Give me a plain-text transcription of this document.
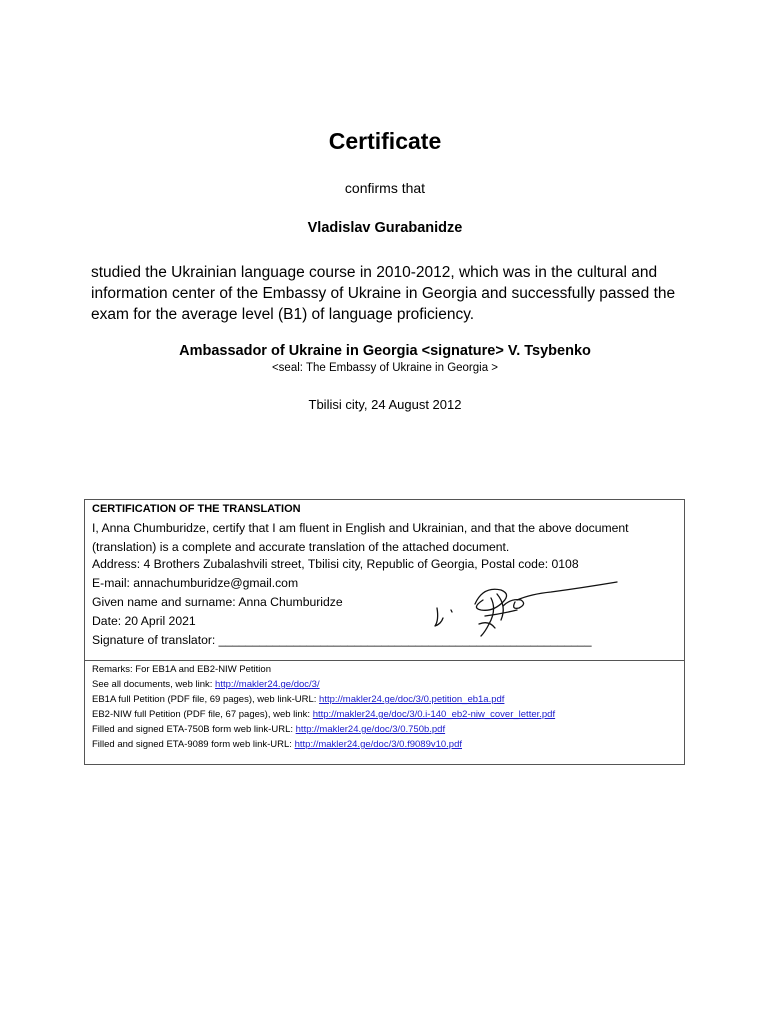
Certificate
confirms that
Vladislav Gurabanidze
studied the Ukrainian language course in 2010-2012, which was in the cultural and information center of the Embassy of Ukraine in Georgia and successfully passed the exam for the average level (B1) of language proficiency.
Ambassador of Ukraine in Georgia <signature> V. Tsybenko
<seal: The Embassy of Ukraine in Georgia >
Tbilisi city, 24 August 2012
CERTIFICATION OF THE TRANSLATION
I, Anna Chumburidze, certify that I am fluent in English and Ukrainian, and that the above document (translation) is a complete and accurate translation of the attached document.
Address: 4 Brothers Zubalashvili street, Tbilisi city, Republic of Georgia, Postal code: 0108
E-mail: annachumburidze@gmail.com
Given name and surname: Anna Chumburidze
Date: 20 April 2021
Signature of translator: _______________________________________________________
Remarks: For EB1A and EB2-NIW Petition
See all documents, web link: http://makler24.ge/doc/3/
EB1A full Petition (PDF file, 69 pages), web link-URL: http://makler24.ge/doc/3/0.petition_eb1a.pdf
EB2-NIW full Petition (PDF file, 67 pages), web link: http://makler24.ge/doc/3/0.i-140_eb2-niw_cover_letter.pdf
Filled and signed ETA-750B form web link-URL: http://makler24.ge/doc/3/0.750b.pdf
Filled and signed ETA-9089 form web link-URL: http://makler24.ge/doc/3/0.f9089v10.pdf
